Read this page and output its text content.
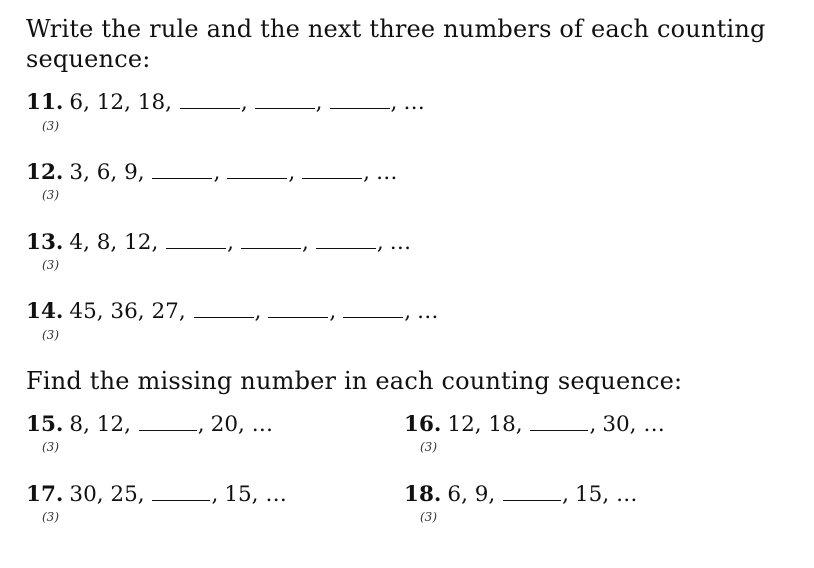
Write the rule and the next three numbers of each counting sequence:

11. 6, 12, 18,	,	,	, …
(3)
12. 3, 6, 9,	,	,	, …
(3)
13. 4, 8, 12,	,	,	, …
(3)
14. 45, 36, 27,	,	,	, …
(3)

Find the missing number in each counting sequence:

15. 8, 12,	, 20, …
(3)
16. 12, 18,	, 30, …
(3)
17. 30, 25,	, 15, …
(3)
18. 6, 9,	, 15, …
(3)
